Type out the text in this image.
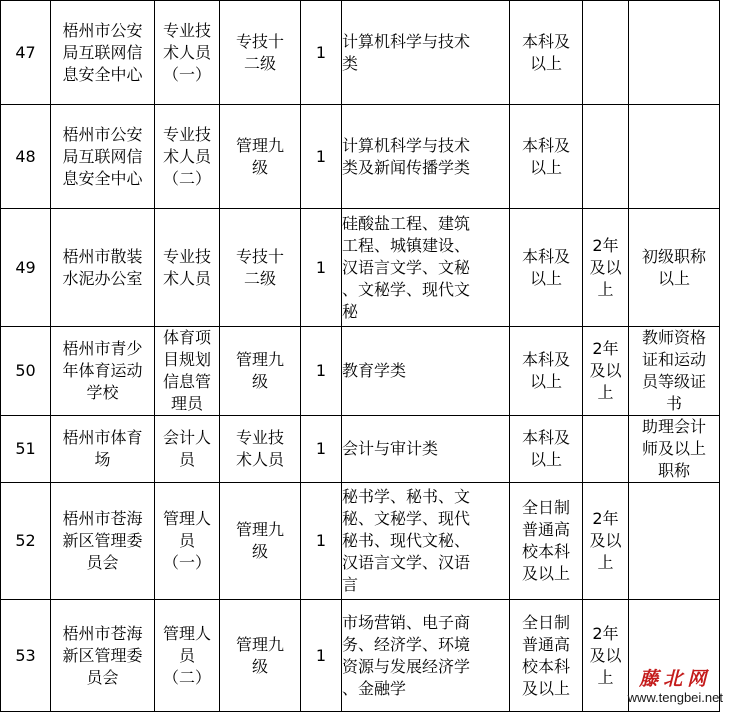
47	梧州市公安
局互联网信
息安全中心	专业技
术人员
（一）	专技十
二级	1	计算机科学与技术
类	本科及
以上		

48	梧州市公安
局互联网信
息安全中心	专业技
术人员
（二）	管理九
级	1	计算机科学与技术
类及新闻传播学类	本科及
以上		

49	梧州市散装
水泥办公室	专业技
术人员	专技十
二级	1	硅酸盐工程、建筑
工程、城镇建设、
汉语言文学、文秘
、文秘学、现代文
秘	本科及
以上	2年
及以
上	初级职称
以上

50	梧州市青少
年体育运动
学校	体育项
目规划
信息管
理员	管理九
级	1	教育学类	本科及
以上	2年
及以
上	教师资格
证和运动
员等级证
书

51	梧州市体育
场	会计人
员	专业技
术人员	1	会计与审计类	本科及
以上		助理会计
师及以上
职称

52	梧州市苍海
新区管理委
员会	管理人
员
（一）	管理九
级	1	秘书学、秘书、文
秘、文秘学、现代
秘书、现代文秘、
汉语言文学、汉语
言	全日制
普通高
校本科
及以上	2年
及以
上	

53	梧州市苍海
新区管理委
员会	管理人
员
（二）	管理九
级	1	市场营销、电子商
务、经济学、环境
资源与发展经济学
、金融学	全日制
普通高
校本科
及以上	2年
及以
上	
		藤北网
www.tengbei.net
